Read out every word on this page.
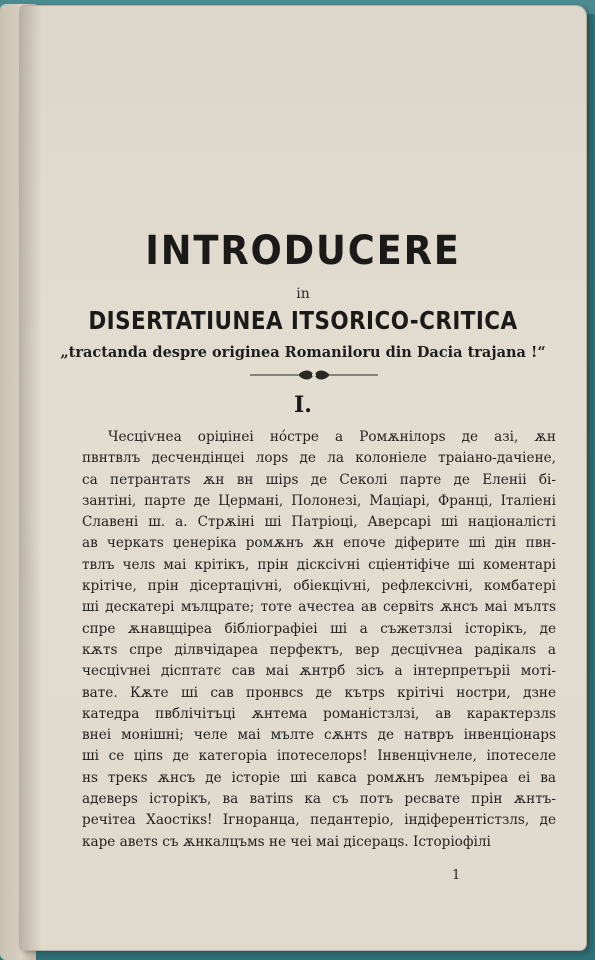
INTRODUCERE
in
DISERTATIUNEA ITSORICO-CRITICA
„tractanda despre originea Romaniloru din Dacia trajana !“
I.
Чесціѵнеа оріџінеі нóстре а Ромѫнілорѕ де азі, ѫн
пвнтвлъ десчендінцеі лорѕ де ла колоніеле траіано-дачіене,
са петрантатѕ ѫн вн шірѕ де Секолі парте де Еленіі бі-
зантіні, парте де Цермані, Полонезі, Мацiарі, Францi, Італіені
Славені ш. а. Стрѫіні ші Патріоці, Аверсарі ші націоналісті
ав черкатѕ џенеріка ромѫнъ ѫн епоче діферите ші дін пвн-
твлъ челѕ маі крітікъ, прін дісксіѵні сціентіфіче ші коментарі
крітіче, прін дісертаціѵні, обіекціѵні, рефлексіѵні, комбатері
ші дескатері мълцрате; тоте ачестеа ав сервітѕ ѫнсъ маі мълтѕ
спре ѫнавцціреа бібліографіеі ші а съжетзлзі історікъ, де
кѫтѕ спре ділвчідареа перфектъ, вер десціѵнеа радікалѕ а
чесціѵнеі дісптатє сав маі ѫнтрб зісъ а інтерпретъріі моті-
вате. Кѫте ші сав пронвсѕ де кътрѕ крітічі ностри, дзне
катедра пвблічітъці ѫнтема романістзлзі, ав карактерзлѕ
внеі монішні; челе маі мълте сѫнтѕ де натвръ інвенціонарѕ
ші се ціпѕ де категоріа іпотеселорѕ! Інвенціѵнеле, іпотеселе
нѕ трекѕ ѫнсъ де історіе ші кавса ромѫнъ лемъріреа еі ва
адеверѕ історікъ, ва ватіпѕ ка съ потъ ресвате прін ѫнтъ-
речітеа Хаостікѕ! Ігноранца, педантеріо, індіферентістзлѕ, де
каре аветѕ съ ѫнкалцъмѕ не чеі маі дісерацѕ. Історіофілі
1
